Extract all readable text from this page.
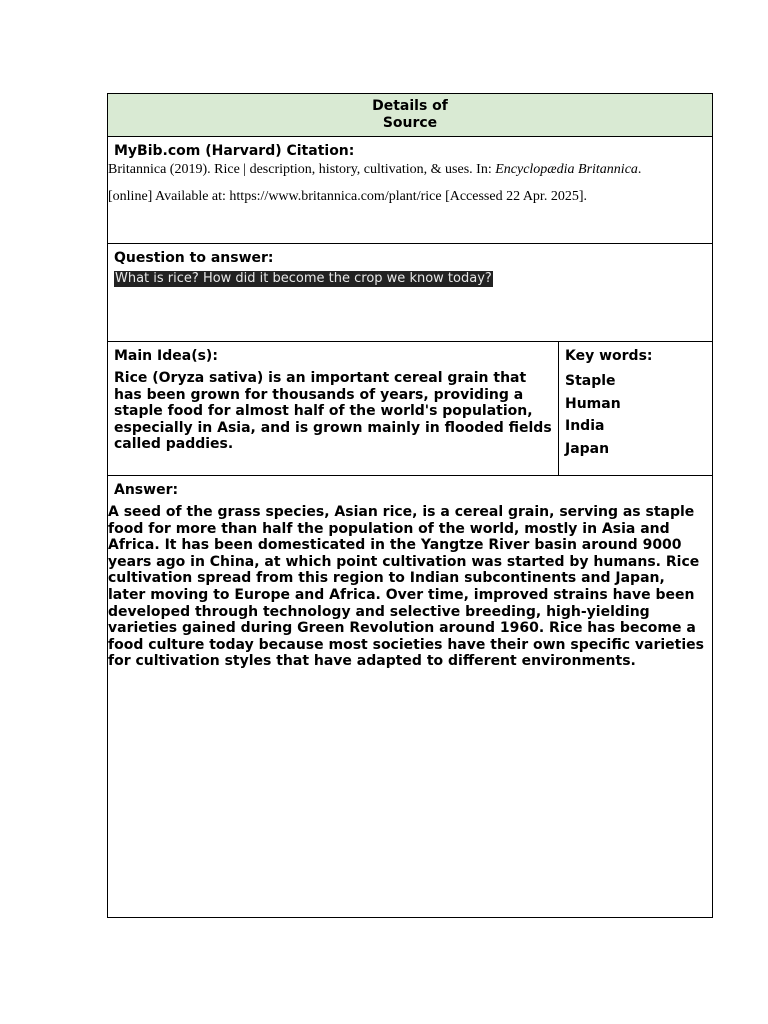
Details of
Source

MyBib.com (Harvard) Citation:
Britannica (2019). Rice | description, history, cultivation, & uses. In: Encyclopædia Britannica.
[online] Available at: https://www.britannica.com/plant/rice [Accessed 22 Apr. 2025].

Question to answer:
What is rice? How did it become the crop we know today?

Main Idea(s):
Rice (Oryza sativa) is an important cereal grain that has been grown for thousands of years, providing a staple food for almost half of the world's population, especially in Asia, and is grown mainly in flooded fields called paddies.

Key words:
Staple
Human
India
Japan

Answer:
A seed of the grass species, Asian rice, is a cereal grain, serving as staple food for more than half the population of the world, mostly in Asia and Africa. It has been domesticated in the Yangtze River basin around 9000 years ago in China, at which point cultivation was started by humans. Rice cultivation spread from this region to Indian subcontinents and Japan, later moving to Europe and Africa. Over time, improved strains have been developed through technology and selective breeding, high-yielding varieties gained during Green Revolution around 1960. Rice has become a food culture today because most societies have their own specific varieties for cultivation styles that have adapted to different environments.
